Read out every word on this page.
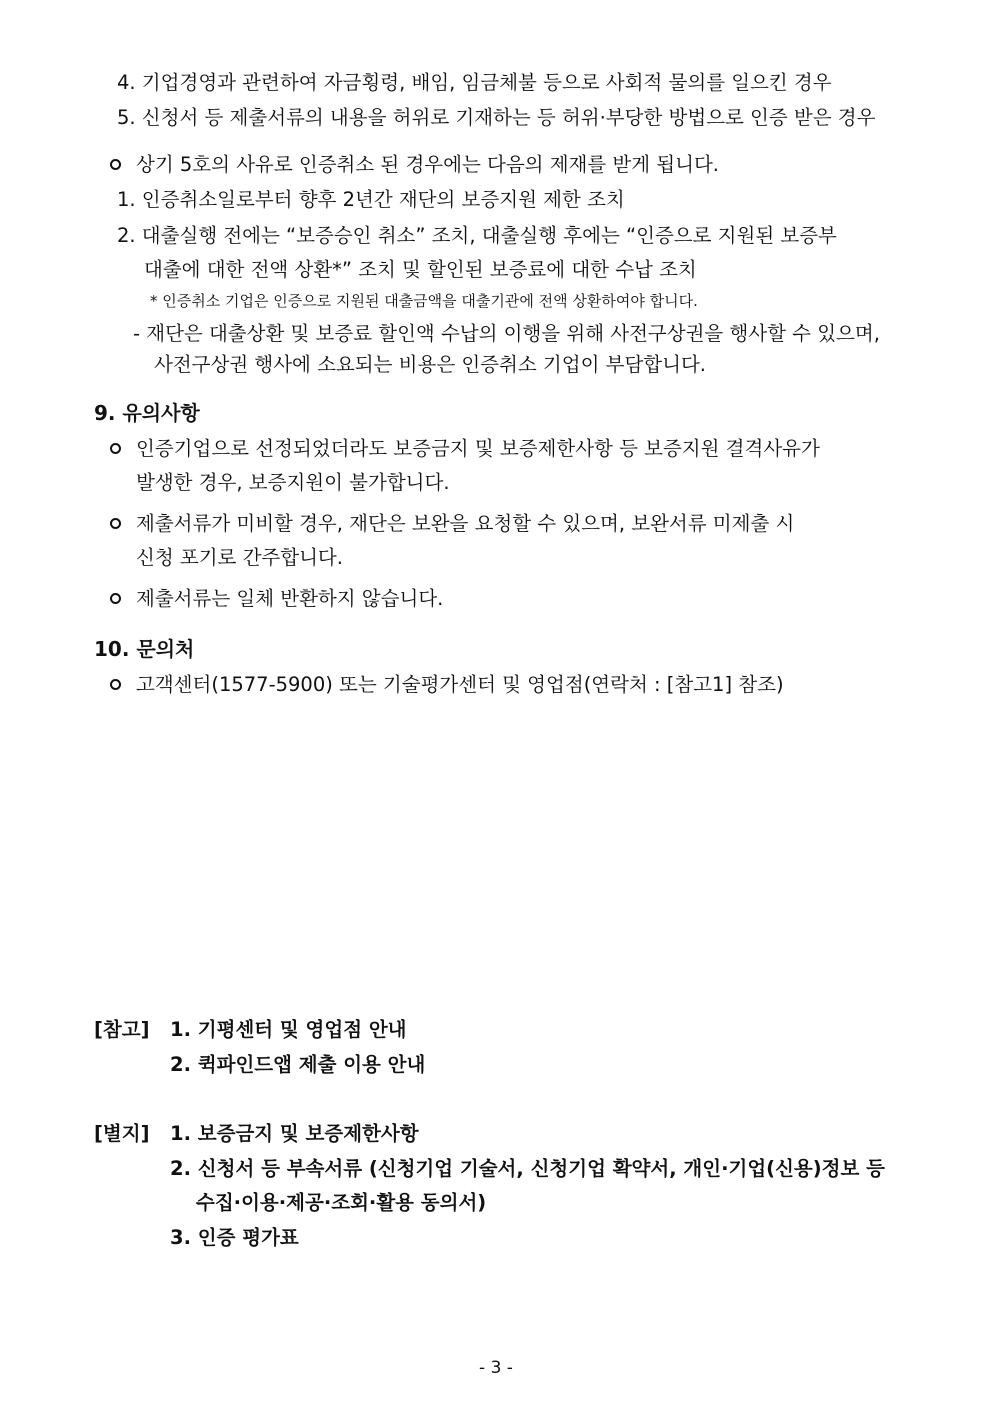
4. 기업경영과 관련하여 자금횡령, 배임, 임금체불 등으로 사회적 물의를 일으킨 경우
5. 신청서 등 제출서류의 내용을 허위로 기재하는 등 허위·부당한 방법으로 인증 받은 경우
상기 5호의 사유로 인증취소 된 경우에는 다음의 제재를 받게 됩니다.
1. 인증취소일로부터 향후 2년간 재단의 보증지원 제한 조치
2. 대출실행 전에는 “보증승인 취소” 조치, 대출실행 후에는 “인증으로 지원된 보증부
대출에 대한 전액 상환*” 조치 및 할인된 보증료에 대한 수납 조치
* 인증취소 기업은 인증으로 지원된 대출금액을 대출기관에 전액 상환하여야 합니다.
- 재단은 대출상환 및 보증료 할인액 수납의 이행을 위해 사전구상권을 행사할 수 있으며,
사전구상권 행사에 소요되는 비용은 인증취소 기업이 부담합니다.
9. 유의사항
인증기업으로 선정되었더라도 보증금지 및 보증제한사항 등 보증지원 결격사유가
발생한 경우, 보증지원이 불가합니다.
제출서류가 미비할 경우, 재단은 보완을 요청할 수 있으며, 보완서류 미제출 시
신청 포기로 간주합니다.
제출서류는 일체 반환하지 않습니다.
10. 문의처
고객센터(1577-5900) 또는 기술평가센터 및 영업점(연락처 : [참고1] 참조)
[참고] 1. 기평센터 및 영업점 안내
2. 퀵파인드앱 제출 이용 안내
[별지] 1. 보증금지 및 보증제한사항
2. 신청서 등 부속서류 (신청기업 기술서, 신청기업 확약서, 개인·기업(신용)정보 등
수집·이용·제공·조회·활용 동의서)
3. 인증 평가표
- 3 -
